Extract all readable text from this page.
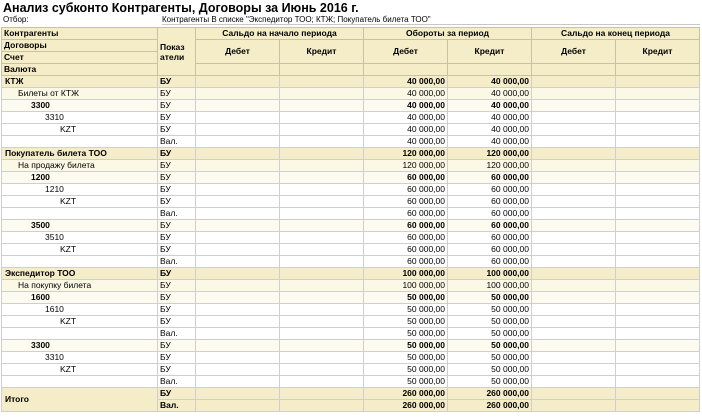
Анализ субконто Контрагенты, Договоры за Июнь 2016 г.
Отбор:	Контрагенты В списке "Экспедитор ТОО; КТЖ; Покупатель билета ТОО"
Контрагенты	Показ атели	Сальдо на начало периода		Обороты за период		Сальдо на конец периода	
Договоры		Дебет	Кредит	Дебет	Кредит	Дебет	Кредит
Счет							
Валюта							
КТЖ	БУ			40 000,00	40 000,00		
Билеты от КТЖ	БУ			40 000,00	40 000,00		
3300	БУ			40 000,00	40 000,00		
3310	БУ			40 000,00	40 000,00		
KZT	БУ			40 000,00	40 000,00		
	Вал.			40 000,00	40 000,00		
Покупатель билета ТОО	БУ			120 000,00	120 000,00		
На продажу билета	БУ			120 000,00	120 000,00		
1200	БУ			60 000,00	60 000,00		
1210	БУ			60 000,00	60 000,00		
KZT	БУ			60 000,00	60 000,00		
	Вал.			60 000,00	60 000,00		
3500	БУ			60 000,00	60 000,00		
3510	БУ			60 000,00	60 000,00		
KZT	БУ			60 000,00	60 000,00		
	Вал.			60 000,00	60 000,00		
Экспедитор ТОО	БУ			100 000,00	100 000,00		
На покупку билета	БУ			100 000,00	100 000,00		
1600	БУ			50 000,00	50 000,00		
1610	БУ			50 000,00	50 000,00		
KZT	БУ			50 000,00	50 000,00		
	Вал.			50 000,00	50 000,00		
3300	БУ			50 000,00	50 000,00		
3310	БУ			50 000,00	50 000,00		
KZT	БУ			50 000,00	50 000,00		
	Вал.			50 000,00	50 000,00		
Итого	БУ			260 000,00	260 000,00		
	Вал.			260 000,00	260 000,00		
